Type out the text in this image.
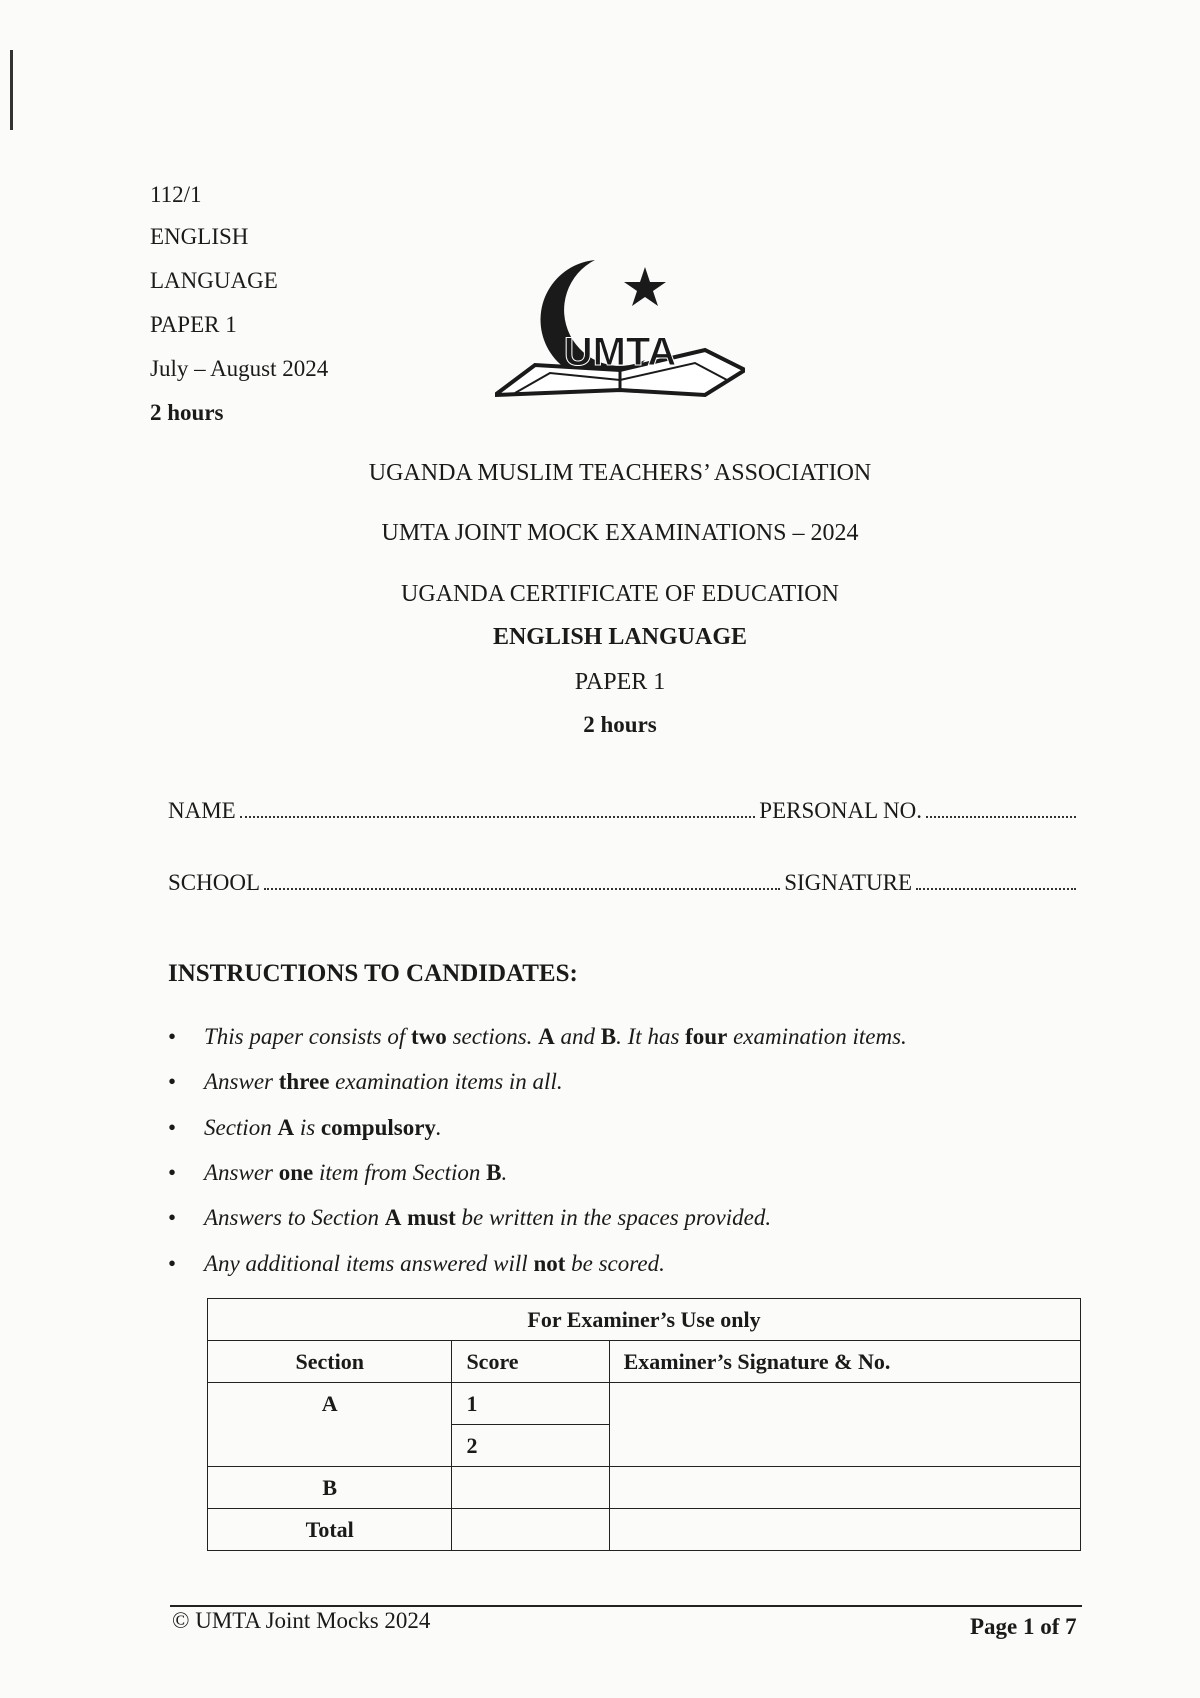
112/1
ENGLISH
LANGUAGE
PAPER 1
July – August 2024
2 hours
UMTA
UGANDA MUSLIM TEACHERS’ ASSOCIATION
UMTA JOINT MOCK EXAMINATIONS – 2024
UGANDA CERTIFICATE OF EDUCATION
ENGLISH LANGUAGE
PAPER 1
2 hours
NAME	PERSONAL NO.
SCHOOL	SIGNATURE
INSTRUCTIONS TO CANDIDATES:
• This paper consists of two sections. A and B. It has four examination items.
• Answer three examination items in all.
• Section A is compulsory.
• Answer one item from Section B.
• Answers to Section A must be written in the spaces provided.
• Any additional items answered will not be scored.
For Examiner’s Use only		
Section	Score	Examiner’s Signature & No.
A	1	
	2	
B		
Total		
© UMTA Joint Mocks 2024	Page 1 of 7
